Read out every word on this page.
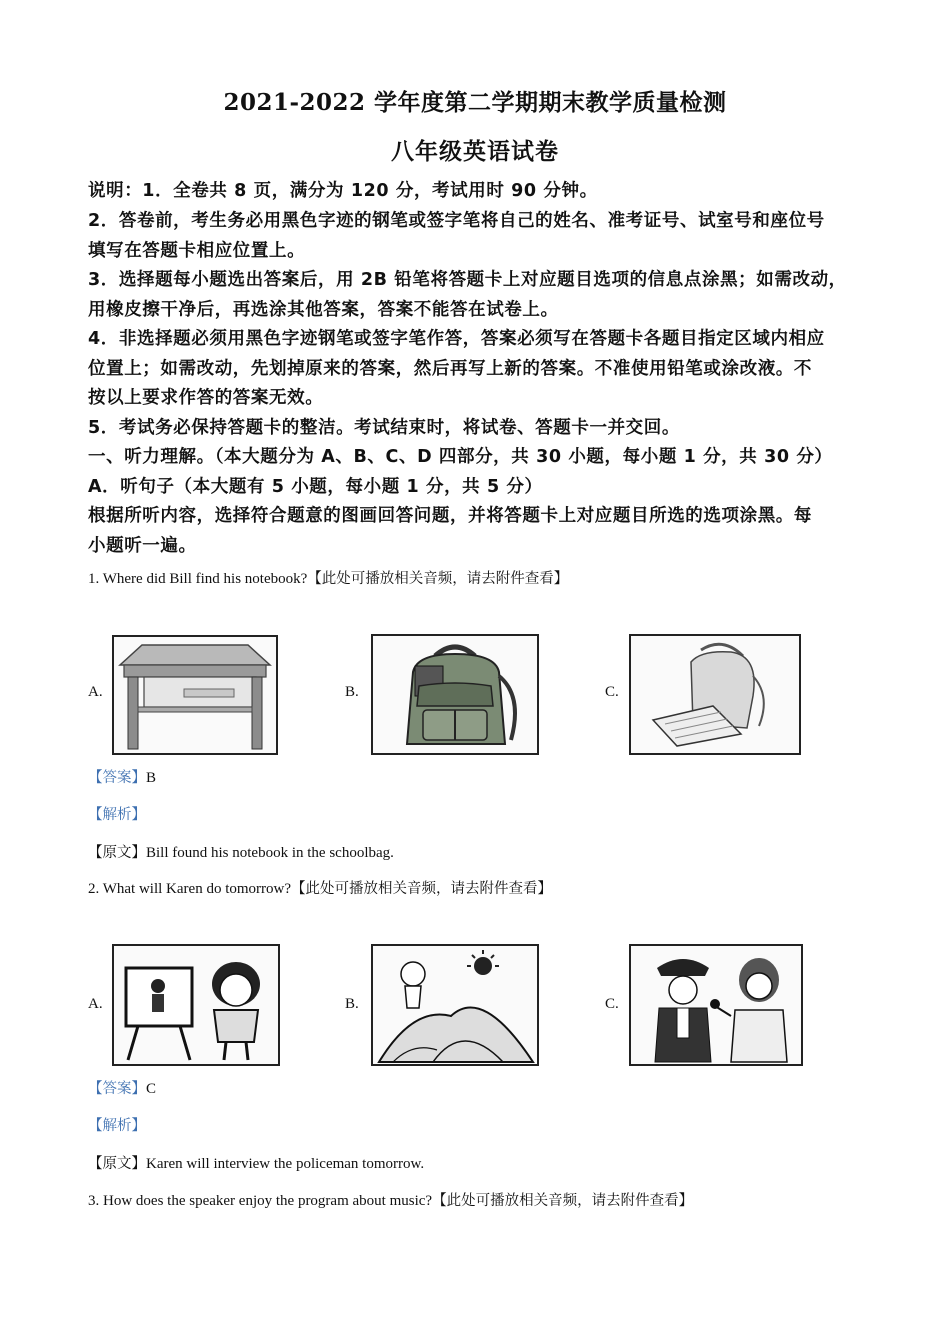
2021-2022 学年度第二学期期末教学质量检测
八年级英语试卷
说明：1．全卷共 8 页，满分为 120 分，考试用时 90 分钟。
2．答卷前，考生务必用黑色字迹的钢笔或签字笔将自己的姓名、准考证号、试室号和座位号
填写在答题卡相应位置上。
3．选择题每小题选出答案后，用 2B 铅笔将答题卡上对应题目选项的信息点涂黑；如需改动，
用橡皮擦干净后，再选涂其他答案，答案不能答在试卷上。
4．非选择题必须用黑色字迹钢笔或签字笔作答，答案必须写在答题卡各题目指定区域内相应
位置上；如需改动，先划掉原来的答案，然后再写上新的答案。不准使用铅笔或涂改液。不
按以上要求作答的答案无效。
5．考试务必保持答题卡的整洁。考试结束时，将试卷、答题卡一并交回。
一、听力理解。（本大题分为 A、B、C、D 四部分，共 30 小题，每小题 1 分，共 30 分）
A．听句子（本大题有 5 小题，每小题 1 分，共 5 分）
根据所听内容，选择符合题意的图画回答问题，并将答题卡上对应题目所选的选项涂黑。每
小题听一遍。
1. Where did Bill find his notebook?【此处可播放相关音频，请去附件查看】
A.	B.	C.
【答案】B
【解析】
【原文】Bill found his notebook in the schoolbag.
2. What will Karen do tomorrow?【此处可播放相关音频，请去附件查看】
A.	B.	C.
【答案】C
【解析】
【原文】Karen will interview the policeman tomorrow.
3. How does the speaker enjoy the program about music?【此处可播放相关音频，请去附件查看】
